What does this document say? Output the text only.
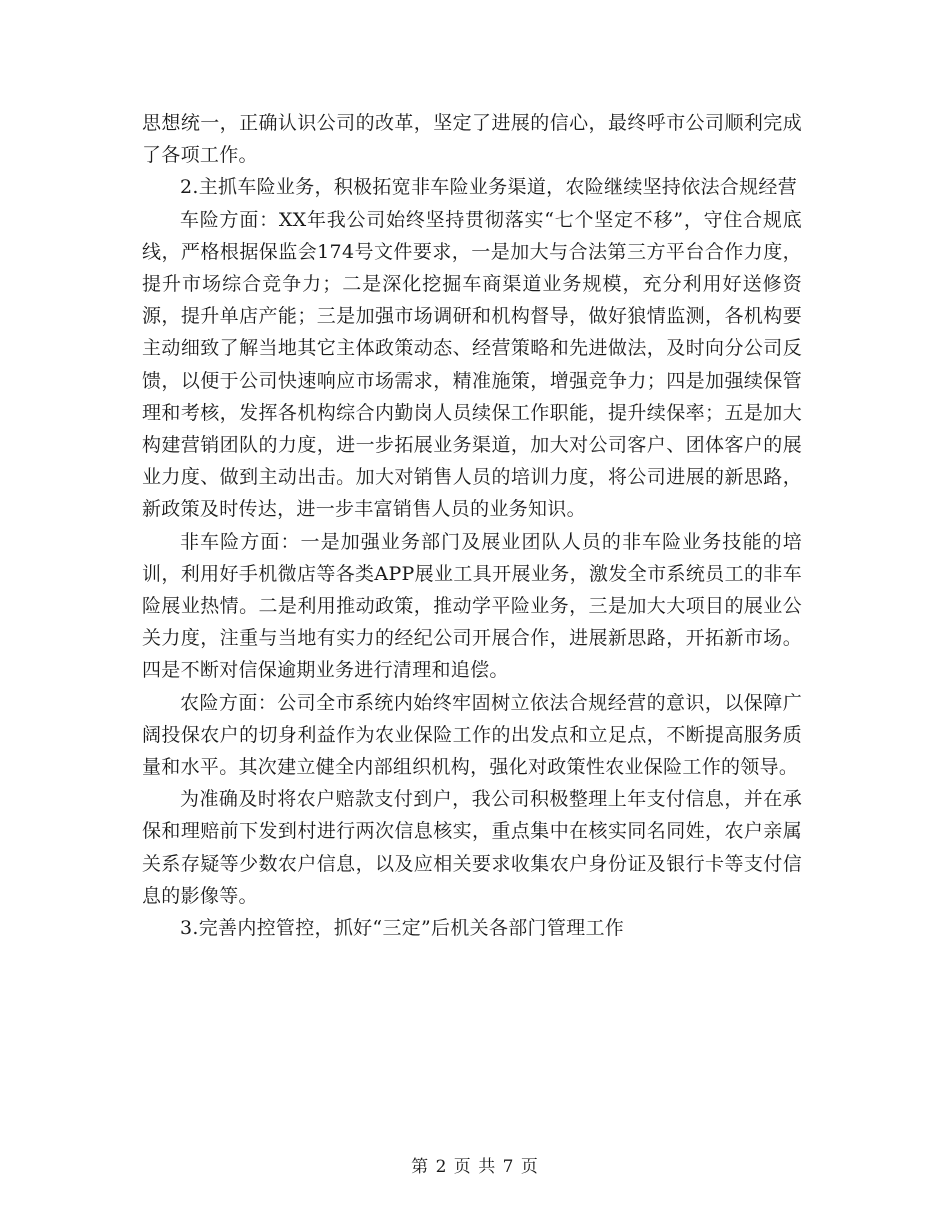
思想统一，正确认识公司的改革，坚定了进展的信心，最终呼市公司顺利完成了各项工作。

2.主抓车险业务，积极拓宽非车险业务渠道，农险继续坚持依法合规经营

车险方面：XX年我公司始终坚持贯彻落实“七个坚定不移”，守住合规底线，严格根据保监会174号文件要求，一是加大与合法第三方平台合作力度，提升市场综合竞争力；二是深化挖掘车商渠道业务规模，充分利用好送修资源，提升单店产能；三是加强市场调研和机构督导，做好狼情监测，各机构要主动细致了解当地其它主体政策动态、经营策略和先进做法，及时向分公司反馈，以便于公司快速响应市场需求，精准施策，增强竞争力；四是加强续保管理和考核，发挥各机构综合内勤岗人员续保工作职能，提升续保率；五是加大构建营销团队的力度，进一步拓展业务渠道，加大对公司客户、团体客户的展业力度、做到主动出击。加大对销售人员的培训力度，将公司进展的新思路，新政策及时传达，进一步丰富销售人员的业务知识。

非车险方面：一是加强业务部门及展业团队人员的非车险业务技能的培训，利用好手机微店等各类APP展业工具开展业务，激发全市系统员工的非车险展业热情。二是利用推动政策，推动学平险业务，三是加大大项目的展业公关力度，注重与当地有实力的经纪公司开展合作，进展新思路，开拓新市场。四是不断对信保逾期业务进行清理和追偿。

农险方面：公司全市系统内始终牢固树立依法合规经营的意识，以保障广阔投保农户的切身利益作为农业保险工作的出发点和立足点，不断提高服务质量和水平。其次建立健全内部组织机构，强化对政策性农业保险工作的领导。

为准确及时将农户赔款支付到户，我公司积极整理上年支付信息，并在承保和理赔前下发到村进行两次信息核实，重点集中在核实同名同姓，农户亲属关系存疑等少数农户信息，以及应相关要求收集农户身份证及银行卡等支付信息的影像等。

3.完善内控管控，抓好“三定”后机关各部门管理工作

第 2 页 共 7 页
